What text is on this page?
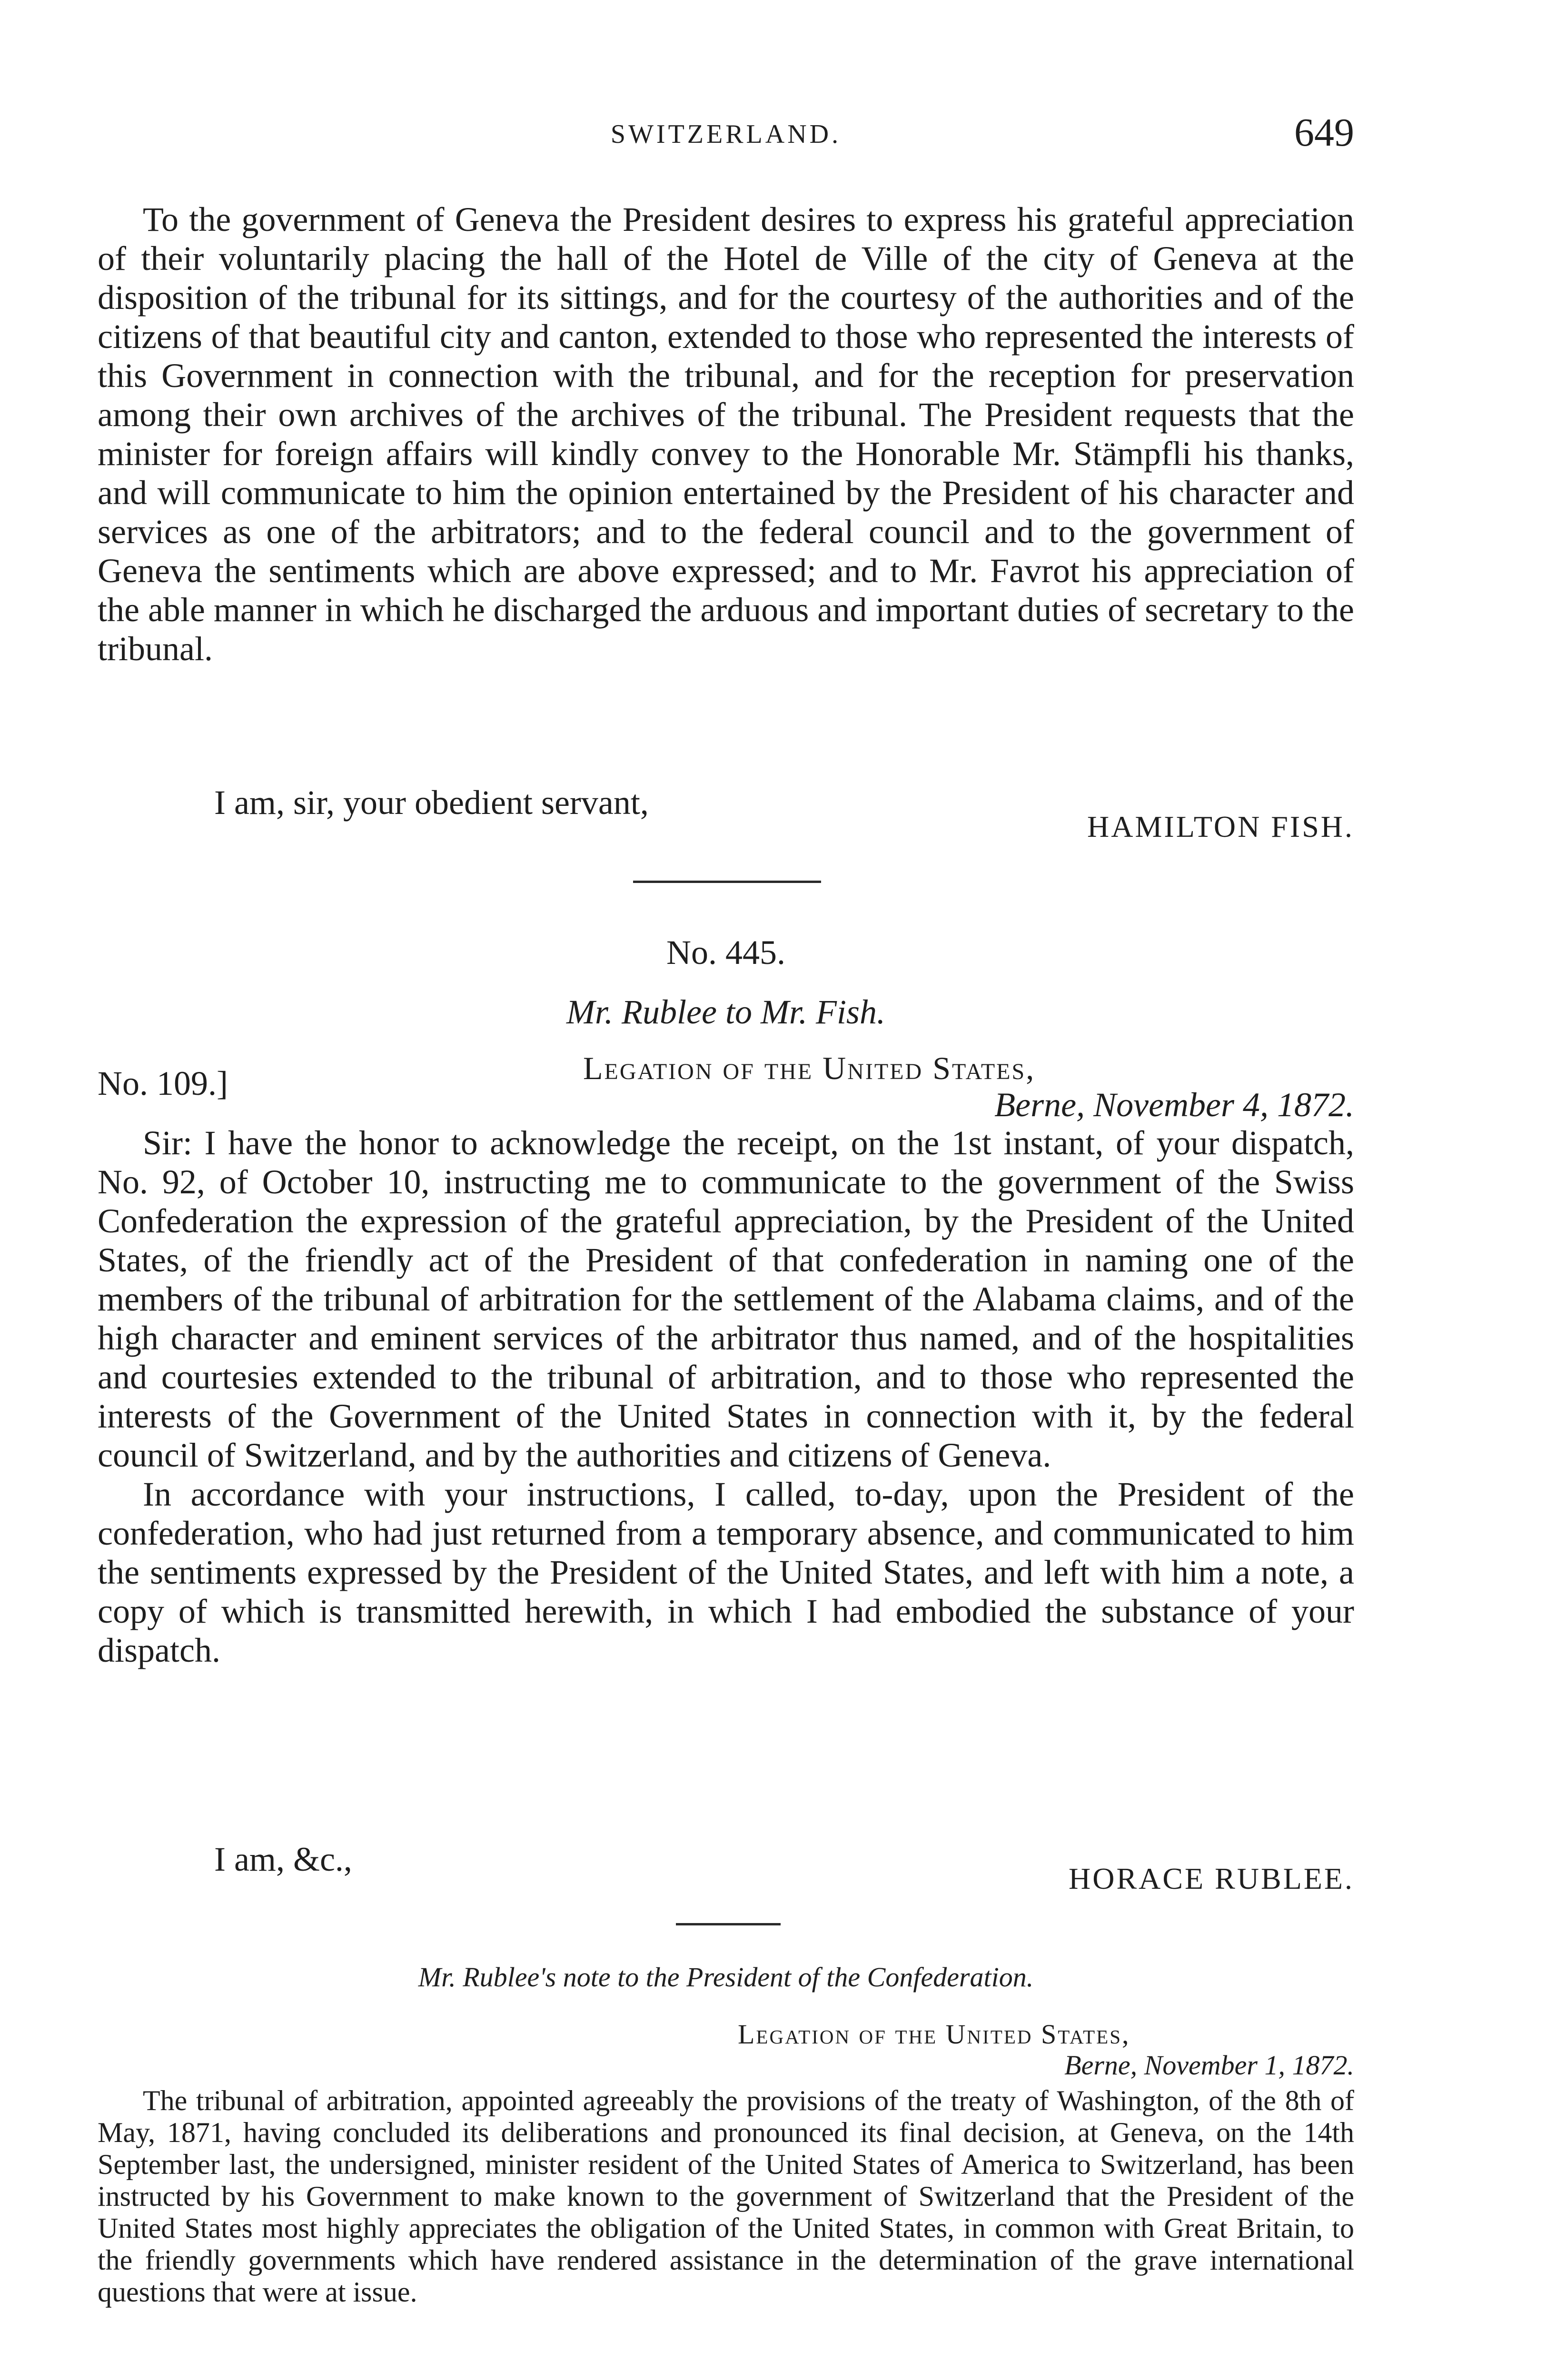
SWITZERLAND.	649

To the government of Geneva the President desires to express his grateful appreciation of their voluntarily placing the hall of the Hotel de Ville of the city of Geneva at the disposition of the tribunal for its sittings, and for the courtesy of the authorities and of the citizens of that beautiful city and canton, extended to those who represented the interests of this Government in connection with the tribunal, and for the reception for preservation among their own archives of the archives of the tribunal. The President requests that the minister for foreign affairs will kindly convey to the Honorable Mr. Stämpfli his thanks, and will communicate to him the opinion entertained by the President of his character and services as one of the arbitrators; and to the federal council and to the government of Geneva the sentiments which are above expressed; and to Mr. Favrot his appreciation of the able manner in which he discharged the arduous and important duties of secretary to the tribunal.

I am, sir, your obedient servant,
HAMILTON FISH.
No. 445.
Mr. Rublee to Mr. Fish.
No. 109.]	Legation of the United States,
Berne, November 4, 1872.

Sir: I have the honor to acknowledge the receipt, on the 1st instant, of your dispatch, No. 92, of October 10, instructing me to communicate to the government of the Swiss Confederation the expression of the grateful appreciation, by the President of the United States, of the friendly act of the President of that confederation in naming one of the members of the tribunal of arbitration for the settlement of the Alabama claims, and of the high character and eminent services of the arbitrator thus named, and of the hospitalities and courtesies extended to the tribunal of arbitration, and to those who represented the interests of the Government of the United States in connection with it, by the federal council of Switzerland, and by the authorities and citizens of Geneva.

In accordance with your instructions, I called, to-day, upon the President of the confederation, who had just returned from a temporary absence, and communicated to him the sentiments expressed by the President of the United States, and left with him a note, a copy of which is transmitted herewith, in which I had embodied the substance of your dispatch.

I am, &c.,
HORACE RUBLEE.
Mr. Rublee's note to the President of the Confederation.
Legation of the United States,
Berne, November 1, 1872.

The tribunal of arbitration, appointed agreeably the provisions of the treaty of Washington, of the 8th of May, 1871, having concluded its deliberations and pronounced its final decision, at Geneva, on the 14th September last, the undersigned, minister resident of the United States of America to Switzerland, has been instructed by his Government to make known to the government of Switzerland that the President of the United States most highly appreciates the obligation of the United States, in common with Great Britain, to the friendly governments which have rendered assistance in the determination of the grave international questions that were at issue.
